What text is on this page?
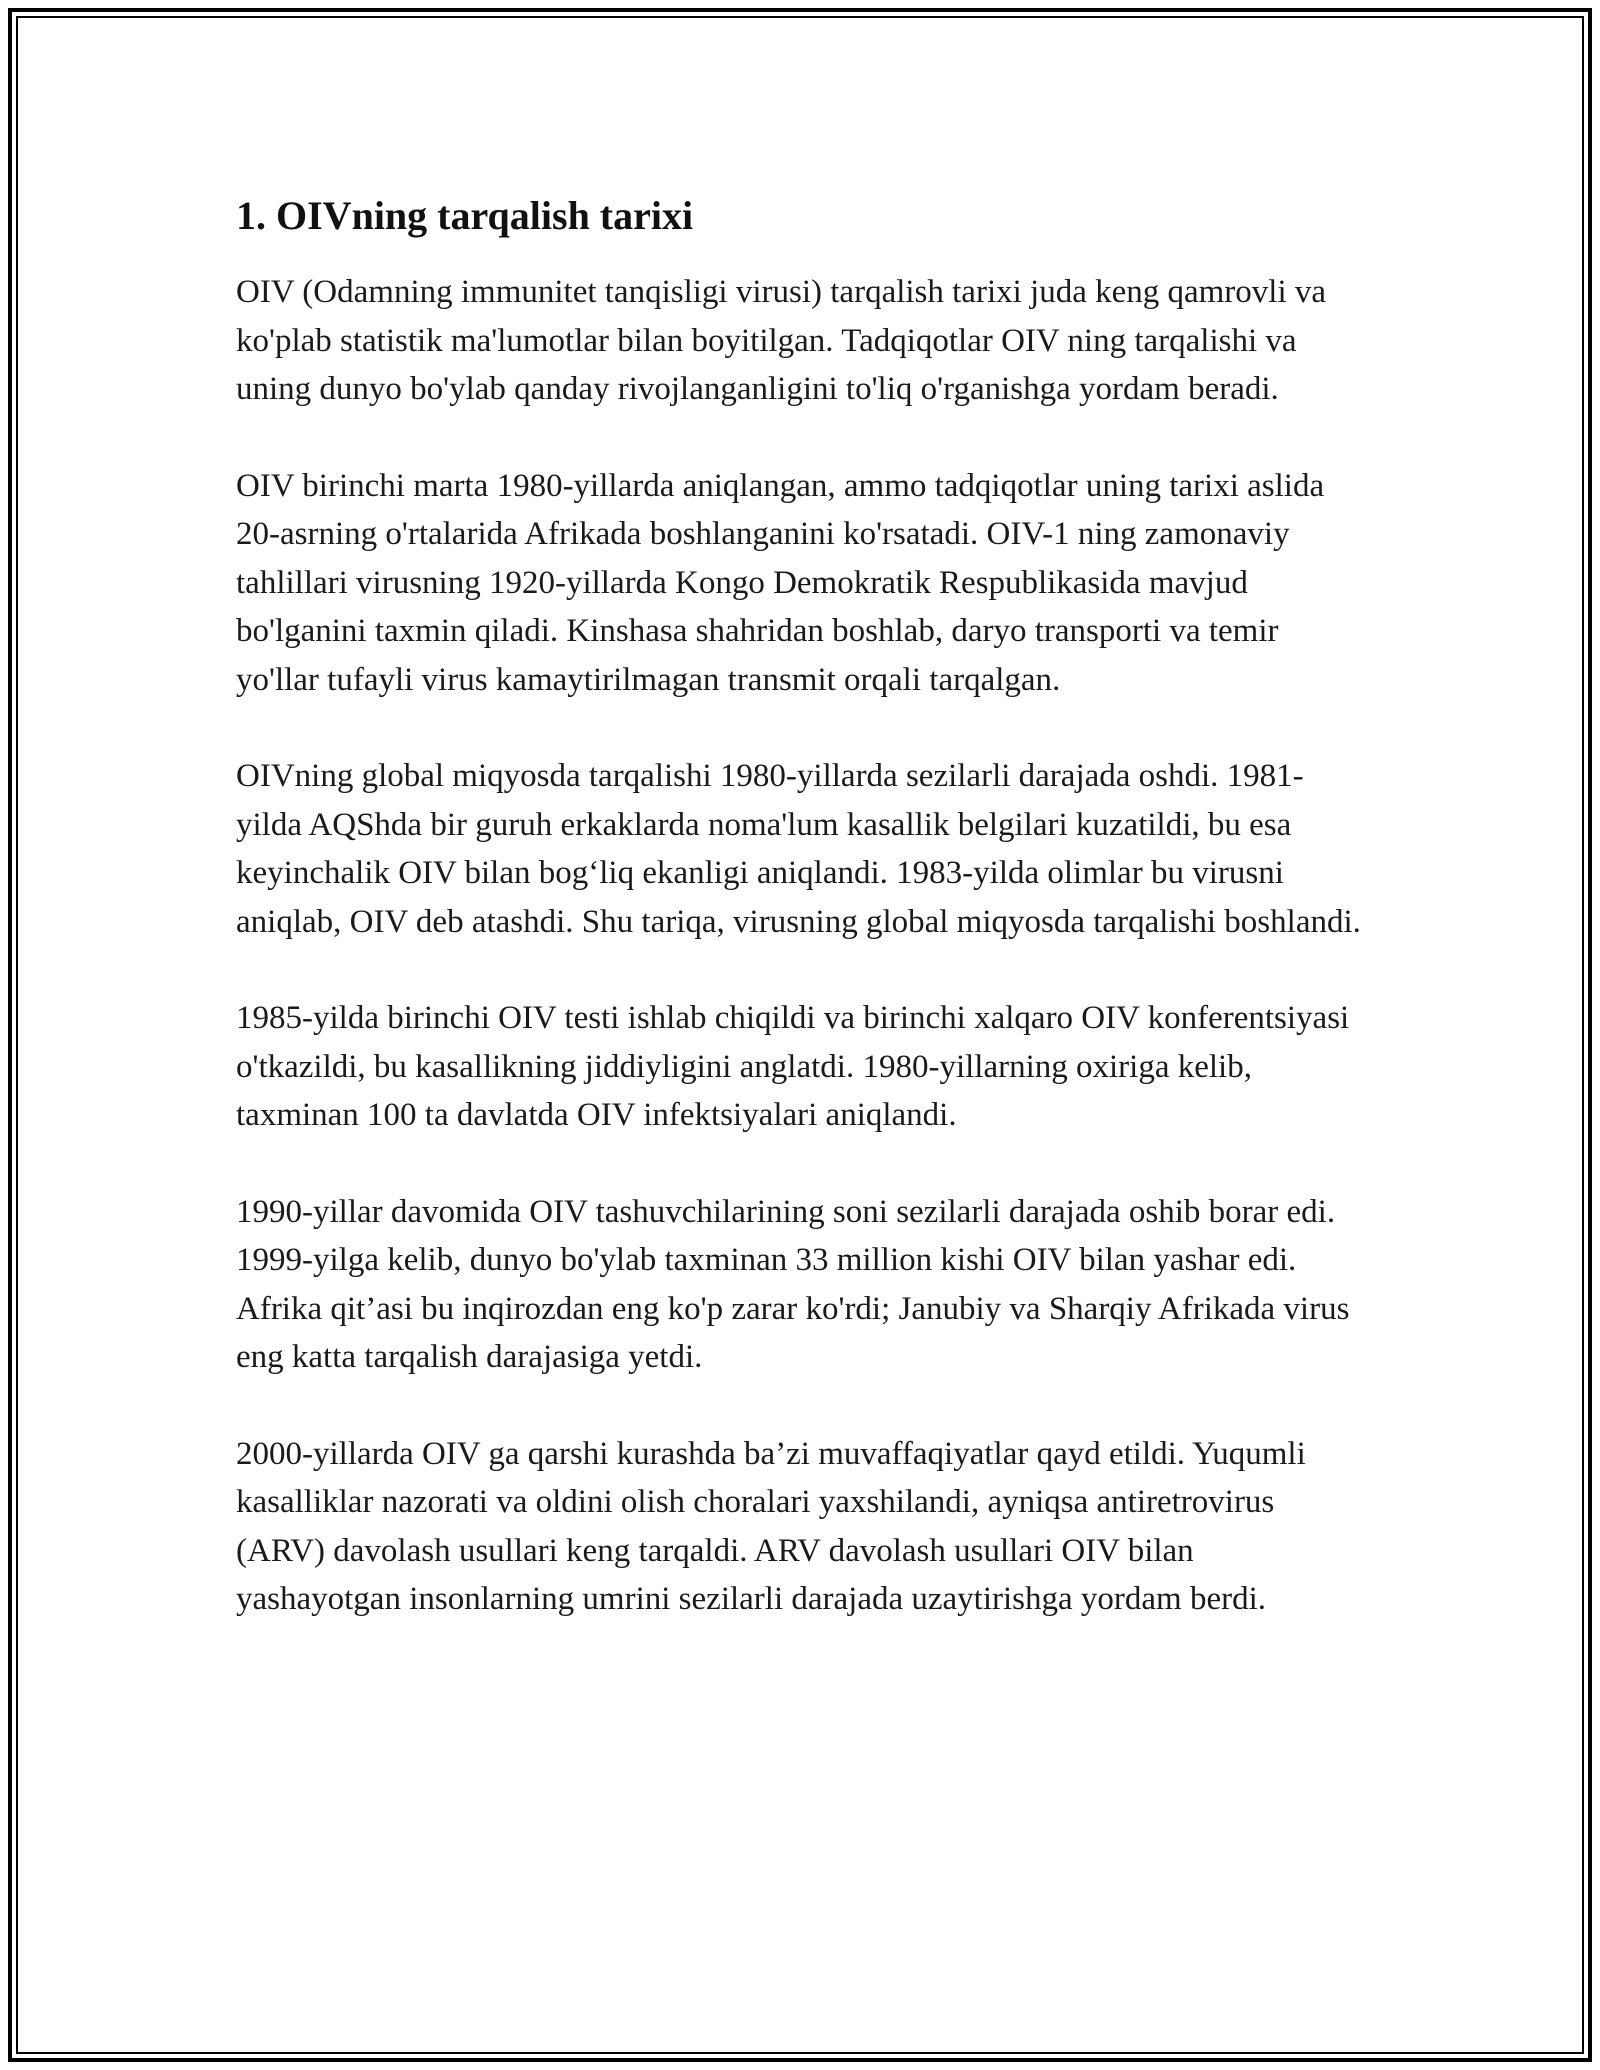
1. OIVning tarqalish tarixi

OIV (Odamning immunitet tanqisligi virusi) tarqalish tarixi juda keng qamrovli va ko'plab statistik ma'lumotlar bilan boyitilgan. Tadqiqotlar OIV ning tarqalishi va uning dunyo bo'ylab qanday rivojlanganligini to'liq o'rganishga yordam beradi.

OIV birinchi marta 1980-yillarda aniqlangan, ammo tadqiqotlar uning tarixi aslida 20-asrning o'rtalarida Afrikada boshlanganini ko'rsatadi. OIV-1 ning zamonaviy tahlillari virusning 1920-yillarda Kongo Demokratik Respublikasida mavjud bo'lganini taxmin qiladi. Kinshasa shahridan boshlab, daryo transporti va temir yo'llar tufayli virus kamaytirilmagan transmit orqali tarqalgan.

OIVning global miqyosda tarqalishi 1980-yillarda sezilarli darajada oshdi. 1981-yilda AQShda bir guruh erkaklarda noma'lum kasallik belgilari kuzatildi, bu esa keyinchalik OIV bilan bog‘liq ekanligi aniqlandi. 1983-yilda olimlar bu virusni aniqlab, OIV deb atashdi. Shu tariqa, virusning global miqyosda tarqalishi boshlandi.

1985-yilda birinchi OIV testi ishlab chiqildi va birinchi xalqaro OIV konferentsiyasi o'tkazildi, bu kasallikning jiddiyligini anglatdi. 1980-yillarning oxiriga kelib, taxminan 100 ta davlatda OIV infektsiyalari aniqlandi.

1990-yillar davomida OIV tashuvchilarining soni sezilarli darajada oshib borar edi. 1999-yilga kelib, dunyo bo'ylab taxminan 33 million kishi OIV bilan yashar edi. Afrika qit’asi bu inqirozdan eng ko'p zarar ko'rdi; Janubiy va Sharqiy Afrikada virus eng katta tarqalish darajasiga yetdi.

2000-yillarda OIV ga qarshi kurashda ba’zi muvaffaqiyatlar qayd etildi. Yuqumli kasalliklar nazorati va oldini olish choralari yaxshilandi, ayniqsa antiretrovirus (ARV) davolash usullari keng tarqaldi. ARV davolash usullari OIV bilan yashayotgan insonlarning umrini sezilarli darajada uzaytirishga yordam berdi.
